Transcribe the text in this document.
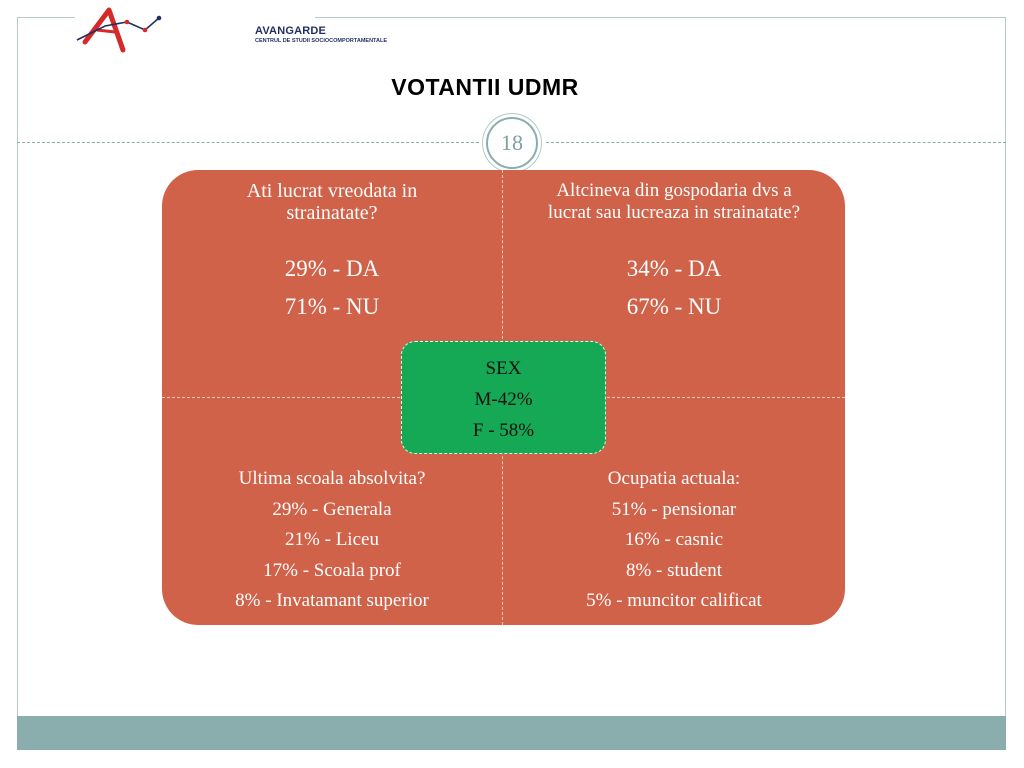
AVANGARDE
CENTRUL DE STUDII SOCIOCOMPORTAMENTALE
VOTANTII UDMR
18
Ati lucrat vreodata in
strainatate?
29% - DA
71% - NU
Altcineva din gospodaria dvs a
lucrat sau lucreaza in strainatate?
34% - DA
67% - NU
Ultima scoala absolvita?
29% - Generala
21% - Liceu
17% - Scoala prof
8% - Invatamant superior
Ocupatia actuala:
51% - pensionar
16% - casnic
8% - student
5% - muncitor calificat
SEX
M-42%
F - 58%
